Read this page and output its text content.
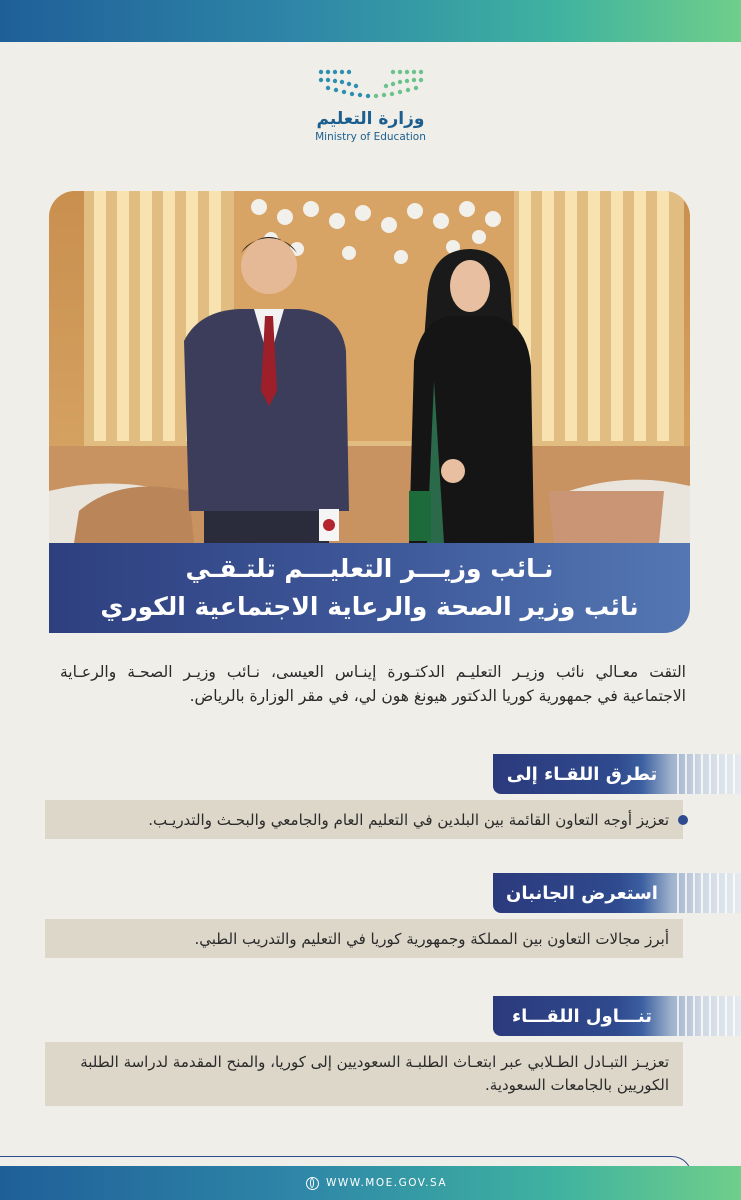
وزارة التعليم
Ministry of Education
نـائب وزيـــر التعليـــم تلتـقـي
نائب وزير الصحة والرعاية الاجتماعية الكوري
التقت معـالي نائب وزيـر التعليـم الدكتـورة إينـاس العيسى، نـائب وزيـر الصحـة والرعـاية الاجتماعية في جمهورية كوريا الدكتور هيونغ هون لي، في مقر الوزارة بالرياض.
تطرق اللقـاء إلى
تعزيز أوجه التعاون القائمة بين البلدين في التعليم العام والجامعي والبحـث والتدريـب.
استعرض الجانبان
أبرز مجالات التعاون بين المملكة وجمهورية كوريا في التعليم والتدريب الطبي.
تنـــاول اللقـــاء
تعزيـز التبـادل الطـلابي عبر ابتعـاث الطلبـة السعوديين إلى كوريا، والمنح المقدمة لدراسة الطلبة الكوريين بالجامعات السعودية.
WWW.MOE.GOV.SA
